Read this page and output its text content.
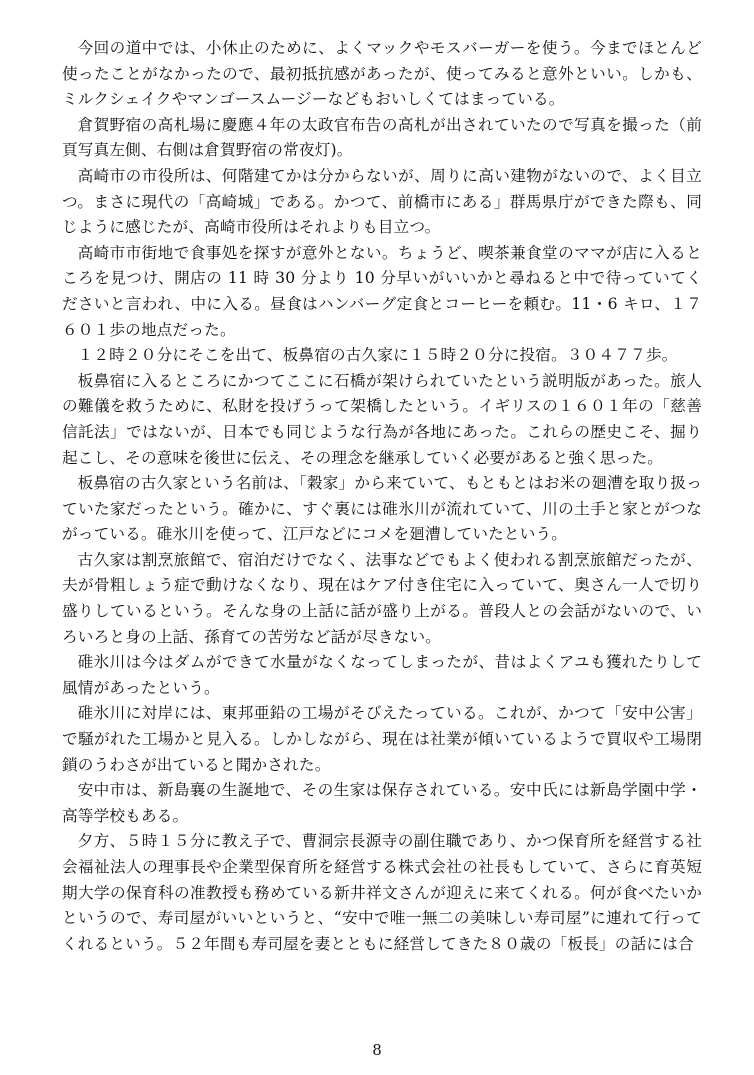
今回の道中では、小休止のために、よくマックやモスバーガーを使う。今までほとんど使ったことがなかったので、最初抵抗感があったが、使ってみると意外といい。しかも、ミルクシェイクやマンゴースムージーなどもおいしくてはまっている。

倉賀野宿の高札場に慶應４年の太政官布告の高札が出されていたので写真を撮った（前頁写真左側、右側は倉賀野宿の常夜灯)。

高崎市の市役所は、何階建てかは分からないが、周りに高い建物がないので、よく目立つ。まさに現代の「高崎城」である。かつて、前橋市にある」群馬県庁ができた際も、同じように感じたが、高崎市役所はそれよりも目立つ。

高崎市市街地で食事処を探すが意外とない。ちょうど、喫茶兼食堂のママが店に入るところを見つけ、開店の 11 時 30 分より 10 分早いがいいかと尋ねると中で待っていてくださいと言われ、中に入る。昼食はハンバーグ定食とコーヒーを頼む。11・6 キロ、１７６０１歩の地点だった。

１２時２０分にそこを出て、板鼻宿の古久家に１５時２０分に投宿。３０４７７歩。

板鼻宿に入るところにかつてここに石橋が架けられていたという説明版があった。旅人の難儀を救うために、私財を投げうって架橋したという。イギリスの１６０１年の「慈善信託法」ではないが、日本でも同じような行為が各地にあった。これらの歴史こそ、掘り起こし、その意味を後世に伝え、その理念を継承していく必要があると強く思った。

板鼻宿の古久家という名前は、「穀家」から来ていて、もともとはお米の廻漕を取り扱っていた家だったという。確かに、すぐ裏には碓氷川が流れていて、川の土手と家とがつながっている。碓氷川を使って、江戸などにコメを廻漕していたという。

古久家は割烹旅館で、宿泊だけでなく、法事などでもよく使われる割烹旅館だったが、夫が骨粗しょう症で動けなくなり、現在はケア付き住宅に入っていて、奥さん一人で切り盛りしているという。そんな身の上話に話が盛り上がる。普段人との会話がないので、いろいろと身の上話、孫育ての苦労など話が尽きない。

碓氷川は今はダムができて水量がなくなってしまったが、昔はよくアユも獲れたりして風情があったという。

碓氷川に対岸には、東邦亜鉛の工場がそびえたっている。これが、かつて「安中公害」で騒がれた工場かと見入る。しかしながら、現在は社業が傾いているようで買収や工場閉鎖のうわさが出ていると聞かされた。

安中市は、新島襄の生誕地で、その生家は保存されている。安中氏には新島学園中学・高等学校もある。

夕方、５時１５分に教え子で、曹洞宗長源寺の副住職であり、かつ保育所を経営する社会福祉法人の理事長や企業型保育所を経営する株式会社の社長もしていて、さらに育英短期大学の保育科の准教授も務めている新井祥文さんが迎えに来てくれる。何が食べたいかというので、寿司屋がいいというと、“安中で唯一無二の美味しい寿司屋”に連れて行ってくれるという。５２年間も寿司屋を妻とともに経営してきた８０歳の「板長」の話には合

8
